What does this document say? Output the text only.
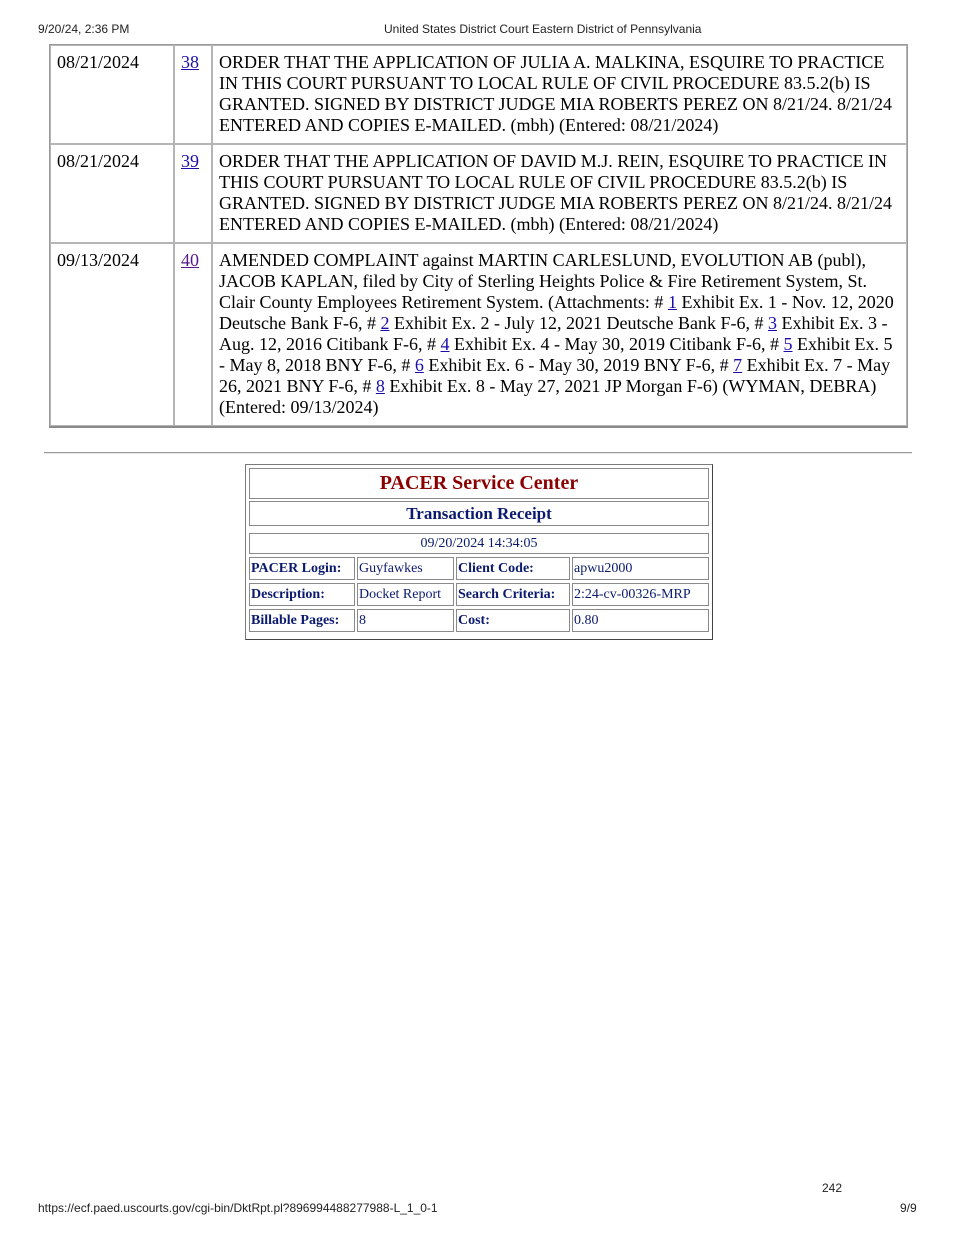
9/20/24, 2:36 PM	United States District Court Eastern District of Pennsylvania
08/21/2024	38	ORDER THAT THE APPLICATION OF JULIA A. MALKINA, ESQUIRE TO PRACTICE IN THIS COURT PURSUANT TO LOCAL RULE OF CIVIL PROCEDURE 83.5.2(b) IS GRANTED. SIGNED BY DISTRICT JUDGE MIA ROBERTS PEREZ ON 8/21/24. 8/21/24 ENTERED AND COPIES E-MAILED. (mbh) (Entered: 08/21/2024)
08/21/2024	39	ORDER THAT THE APPLICATION OF DAVID M.J. REIN, ESQUIRE TO PRACTICE IN THIS COURT PURSUANT TO LOCAL RULE OF CIVIL PROCEDURE 83.5.2(b) IS GRANTED. SIGNED BY DISTRICT JUDGE MIA ROBERTS PEREZ ON 8/21/24. 8/21/24 ENTERED AND COPIES E-MAILED. (mbh) (Entered: 08/21/2024)
09/13/2024	40	AMENDED COMPLAINT against MARTIN CARLESLUND, EVOLUTION AB (publ), JACOB KAPLAN, filed by City of Sterling Heights Police & Fire Retirement System, St. Clair County Employees Retirement System. (Attachments: # 1 Exhibit Ex. 1 - Nov. 12, 2020 Deutsche Bank F-6, # 2 Exhibit Ex. 2 - July 12, 2021 Deutsche Bank F-6, # 3 Exhibit Ex. 3 - Aug. 12, 2016 Citibank F-6, # 4 Exhibit Ex. 4 - May 30, 2019 Citibank F-6, # 5 Exhibit Ex. 5 - May 8, 2018 BNY F-6, # 6 Exhibit Ex. 6 - May 30, 2019 BNY F-6, # 7 Exhibit Ex. 7 - May 26, 2021 BNY F-6, # 8 Exhibit Ex. 8 - May 27, 2021 JP Morgan F-6) (WYMAN, DEBRA) (Entered: 09/13/2024)
PACER Service Center
Transaction Receipt
09/20/2024 14:34:05
PACER Login:	Guyfawkes	Client Code:	apwu2000
Description:	Docket Report	Search Criteria:	2:24-cv-00326-MRP
Billable Pages:	8	Cost:	0.80
242
https://ecf.paed.uscourts.gov/cgi-bin/DktRpt.pl?896994488277988-L_1_0-1	9/9
